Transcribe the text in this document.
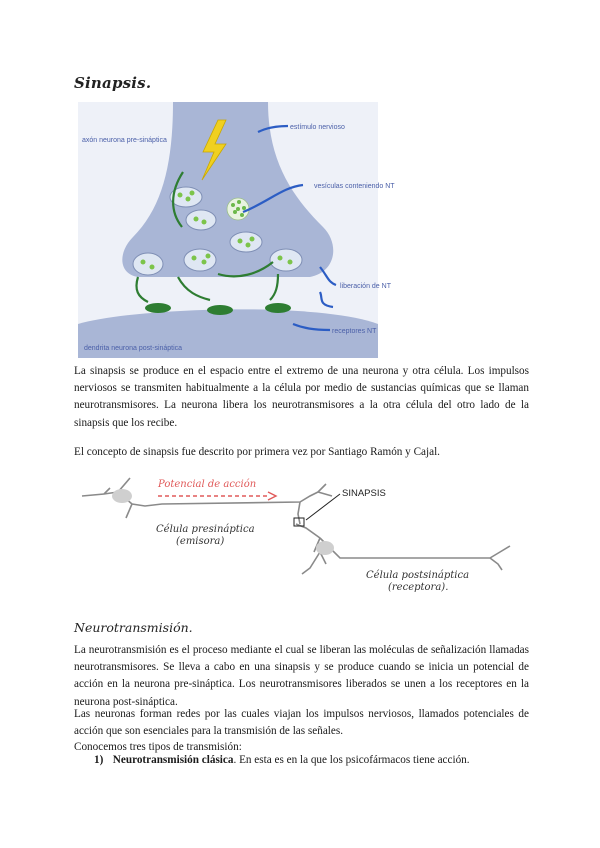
Sinapsis.
axón neurona pre-sináptica
estímulo nervioso
vesículas conteniendo NT
liberación de NT
receptores NT
dendrita neurona post-sináptica

La sinapsis se produce en el espacio entre el extremo de una neurona y otra célula. Los impulsos nerviosos se transmiten habitualmente a la célula por medio de sustancias químicas que se llaman neurotransmisores. La neurona libera los neurotransmisores a la otra célula del otro lado de la sinapsis que los recibe.

El concepto de sinapsis fue descrito por primera vez por Santiago Ramón y Cajal.

Potencial de acción
SINAPSIS
Célula presináptica
(emisora)
Célula postsináptica
(receptora).
Neurotransmisión.

La neurotransmisión es el proceso mediante el cual se liberan las moléculas de señalización llamadas neurotransmisores. Se lleva a cabo en una sinapsis y se produce cuando se inicia un potencial de acción en la neurona pre-sináptica. Los neurotransmisores liberados se unen a los receptores en la neurona post-sináptica.

Las neuronas forman redes por las cuales viajan los impulsos nerviosos, llamados potenciales de acción que son esenciales para la transmisión de las señales.

Conocemos tres tipos de transmisión:

1) Neurotransmisión clásica. En esta es en la que los psicofármacos tiene acción.
